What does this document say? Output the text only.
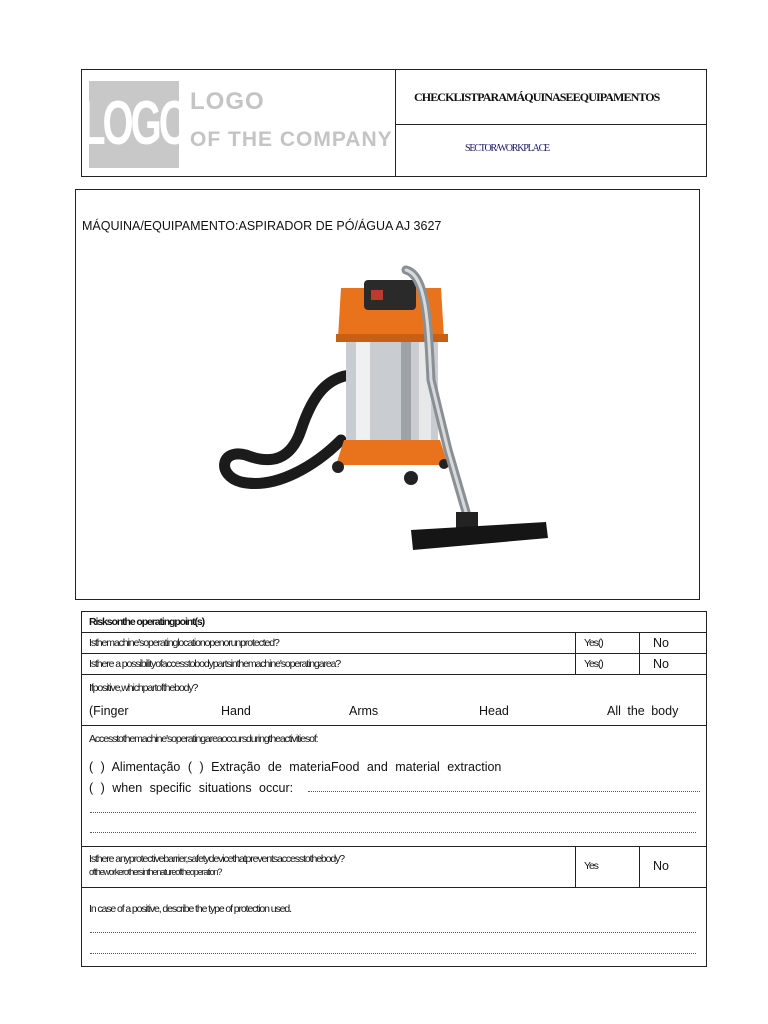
LOGO LOGO
OF THE COMPANY
CHECKLISTPARAMÁQUINASEEQUIPAMENTOS
SECTOR/WORKPLACE
MÁQUINA/EQUIPAMENTO:ASPIRADOR DE PÓ/ÁGUA AJ 3627
Risksonthe operatingpoint(s)
Isthemachine'soperatinglocationopenorunprotected?	Yes()	No
Isthere a possibilityofaccesstobodypartsinthemachine'soperatingarea?	Yes()	No
Ifpositive,whichpartofthebody?
(Finger	Hand	Arms	Head	All the body
Accesstothemachine'soperatingareaoccursduringtheactivitiesof:
( ) Alimentação ( ) Extração de materiaFood and material extraction
( ) when specific situations occur:
Isthere anyprotectivebarrier,safetydevicethatpreventsaccesstothebody?
oftheworkerothersinthenatureoftheoperation?	Yes	No
In case of a positive, describe the type of protection used.
